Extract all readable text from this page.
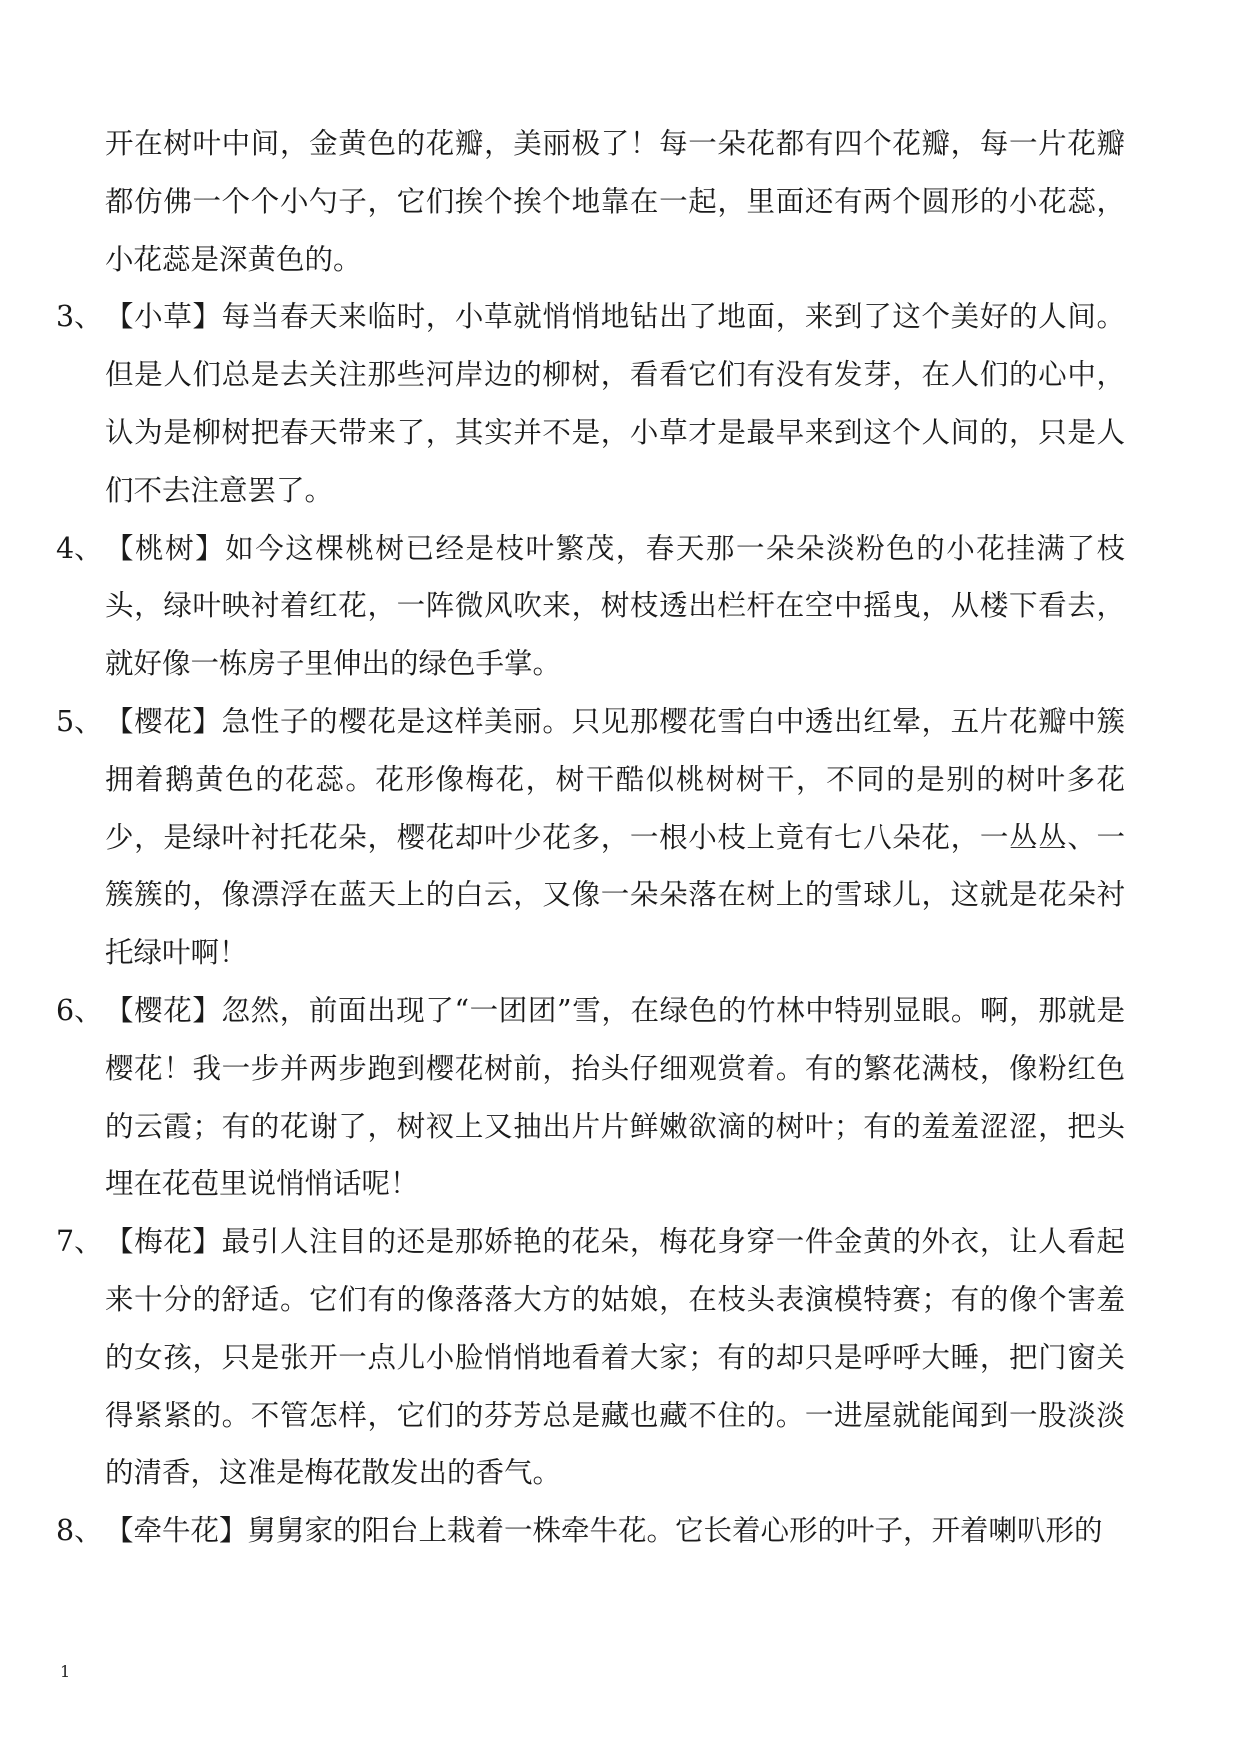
开在树叶中间，金黄色的花瓣，美丽极了！每一朵花都有四个花瓣，每一片花瓣都仿佛一个个小勺子，它们挨个挨个地靠在一起，里面还有两个圆形的小花蕊，小花蕊是深黄色的。

3、 【小草】每当春天来临时，小草就悄悄地钻出了地面，来到了这个美好的人间。但是人们总是去关注那些河岸边的柳树，看看它们有没有发芽，在人们的心中，认为是柳树把春天带来了，其实并不是，小草才是最早来到这个人间的，只是人们不去注意罢了。

4、 【桃树】如今这棵桃树已经是枝叶繁茂，春天那一朵朵淡粉色的小花挂满了枝头，绿叶映衬着红花，一阵微风吹来，树枝透出栏杆在空中摇曳，从楼下看去，就好像一栋房子里伸出的绿色手掌。

5、 【樱花】急性子的樱花是这样美丽。只见那樱花雪白中透出红晕，五片花瓣中簇拥着鹅黄色的花蕊。花形像梅花，树干酷似桃树树干，不同的是别的树叶多花少，是绿叶衬托花朵，樱花却叶少花多，一根小枝上竟有七八朵花，一丛丛、一簇簇的，像漂浮在蓝天上的白云，又像一朵朵落在树上的雪球儿，这就是花朵衬托绿叶啊！

6、 【樱花】忽然，前面出现了“一团团”雪，在绿色的竹林中特别显眼。啊，那就是樱花！我一步并两步跑到樱花树前，抬头仔细观赏着。有的繁花满枝，像粉红色的云霞；有的花谢了，树衩上又抽出片片鲜嫩欲滴的树叶；有的羞羞涩涩，把头埋在花苞里说悄悄话呢！

7、 【梅花】最引人注目的还是那娇艳的花朵，梅花身穿一件金黄的外衣，让人看起来十分的舒适。它们有的像落落大方的姑娘，在枝头表演模特赛；有的像个害羞的女孩，只是张开一点儿小脸悄悄地看着大家；有的却只是呼呼大睡，把门窗关得紧紧的。不管怎样，它们的芬芳总是藏也藏不住的。一进屋就能闻到一股淡淡的清香，这准是梅花散发出的香气。

8、 【牵牛花】舅舅家的阳台上栽着一株牵牛花。它长着心形的叶子，开着喇叭形的

1
